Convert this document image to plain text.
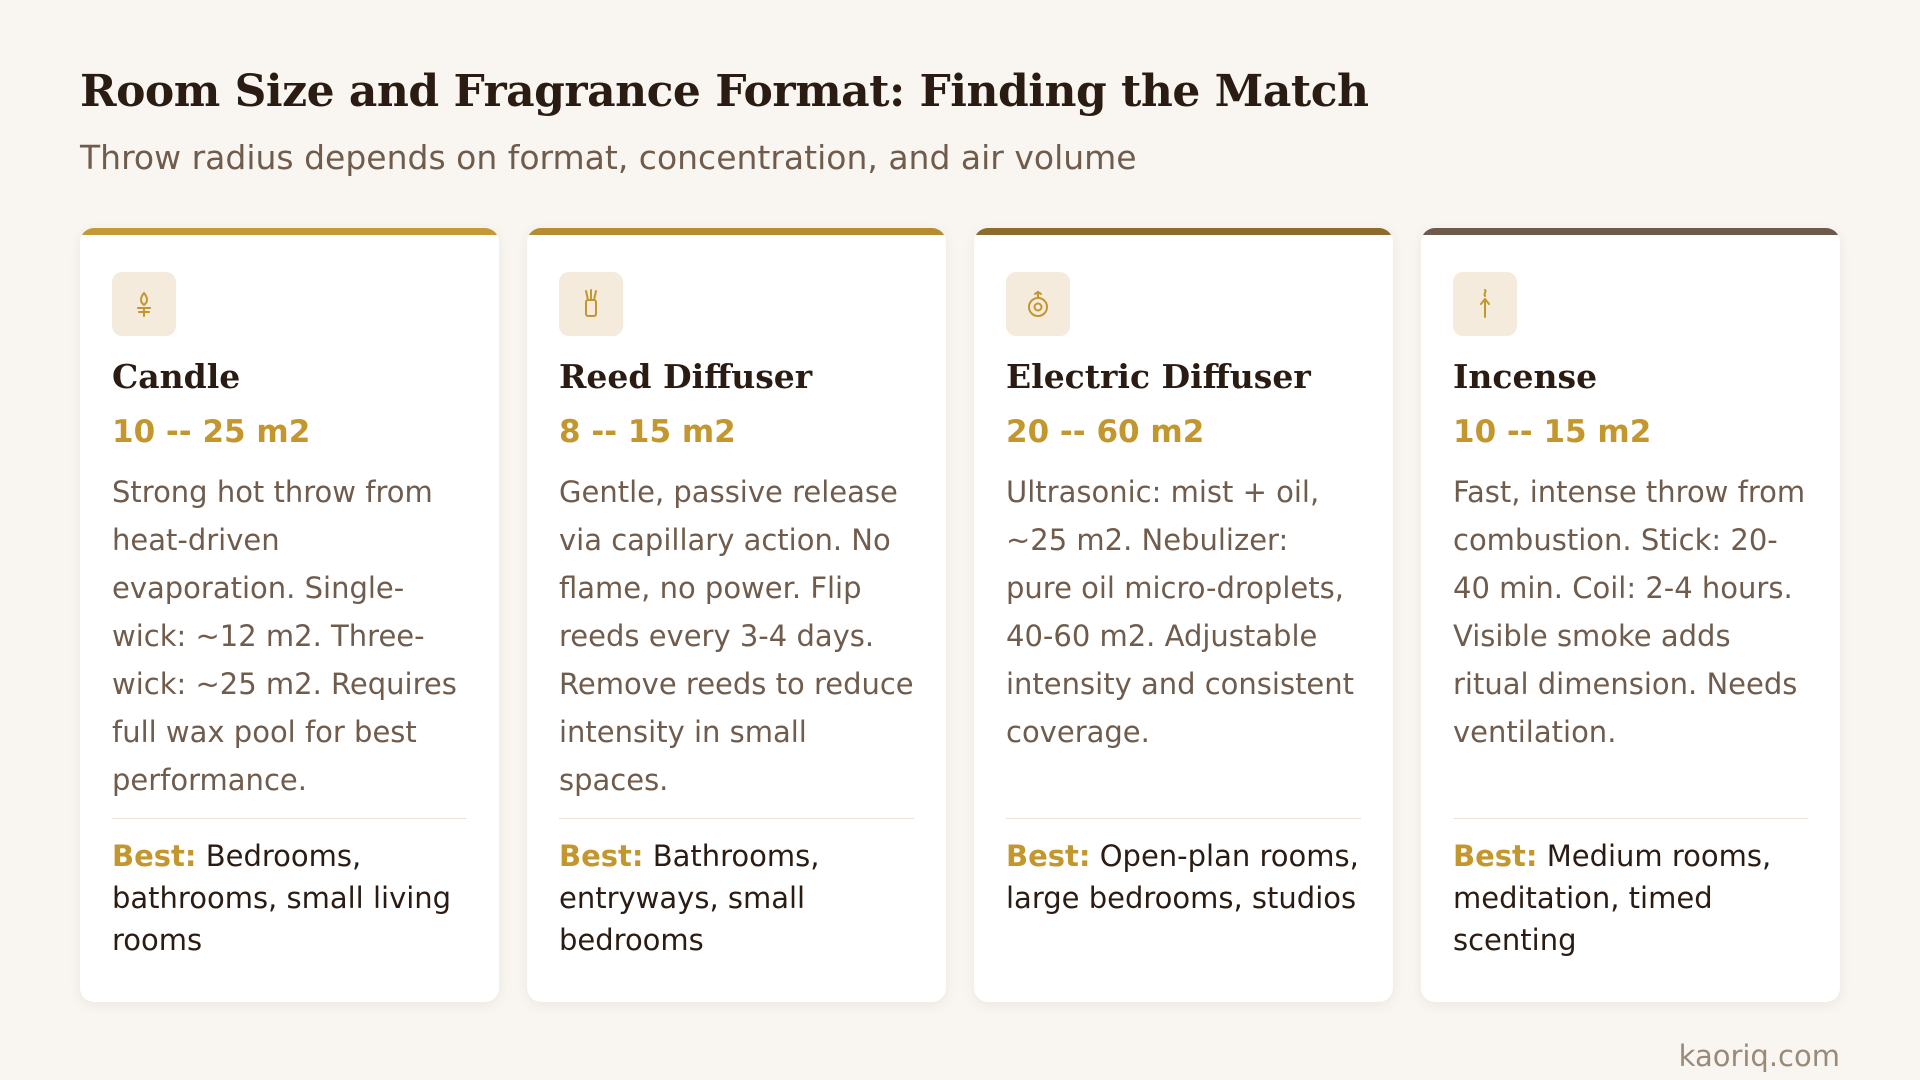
Room Size and Fragrance Format: Finding the Match

Throw radius depends on format, concentration, and air volume

Candle
10 -- 25 m2

Strong hot throw from heat-driven evaporation. Single-wick: ~12 m2. Three-wick: ~25 m2. Requires full wax pool for best performance.

Best: Bedrooms, bathrooms, small living rooms

Reed Diffuser
8 -- 15 m2

Gentle, passive release via capillary action. No flame, no power. Flip reeds every 3-4 days. Remove reeds to reduce intensity in small spaces.

Best: Bathrooms, entryways, small bedrooms

Electric Diffuser
20 -- 60 m2

Ultrasonic: mist + oil, ~25 m2. Nebulizer: pure oil micro-droplets, 40-60 m2. Adjustable intensity and consistent coverage.

Best: Open-plan rooms, large bedrooms, studios

Incense
10 -- 15 m2

Fast, intense throw from combustion. Stick: 20-40 min. Coil: 2-4 hours. Visible smoke adds ritual dimension. Needs ventilation.

Best: Medium rooms, meditation, timed scenting

kaoriq.com
